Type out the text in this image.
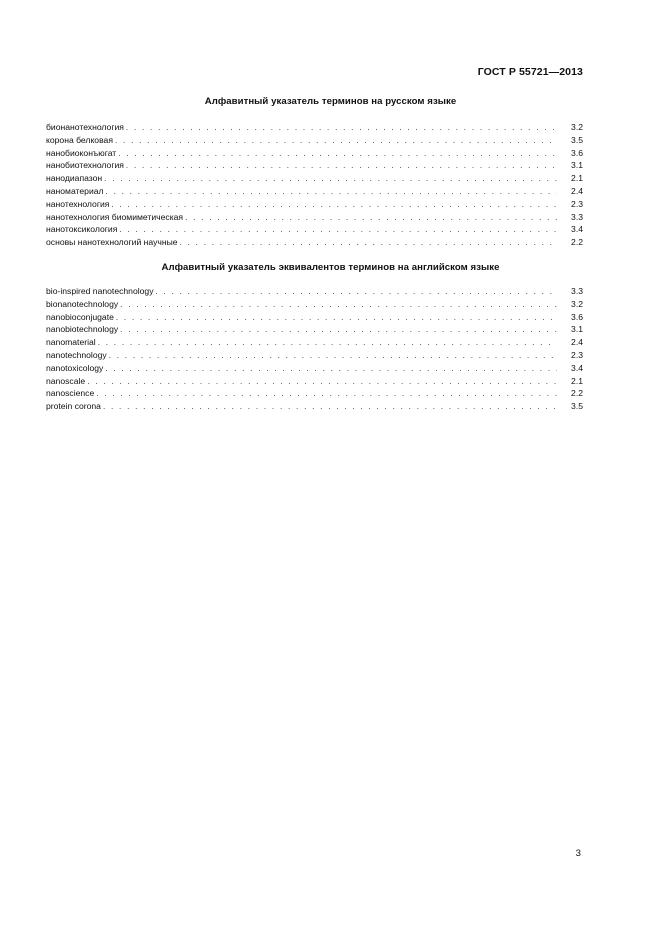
ГОСТ Р 55721—2013
Алфавитный указатель терминов на русском языке
бионанотехнология . . .	3.2
корона белковая . . .	3.5
нанобиоконъюгат . . .	3.6
нанобиотехнология . . .	3.1
нанодиапазон . . .	2.1
наноматериал . . .	2.4
нанотехнология . . .	2.3
нанотехнология биомиметическая . . .	3.3
нанотоксикология . . .	3.4
основы нанотехнологий научные . . .	2.2
Алфавитный указатель эквивалентов терминов на английском языке
bio-inspired nanotechnology . . .	3.3
bionanotechnology . . .	3.2
nanobioconjugate . . .	3.6
nanobiotechnology . . .	3.1
nanomaterial . . .	2.4
nanotechnology . . .	2.3
nanotoxicology . . .	3.4
nanoscale . . .	2.1
nanoscience . . .	2.2
protein corona . . .	3.5
3
